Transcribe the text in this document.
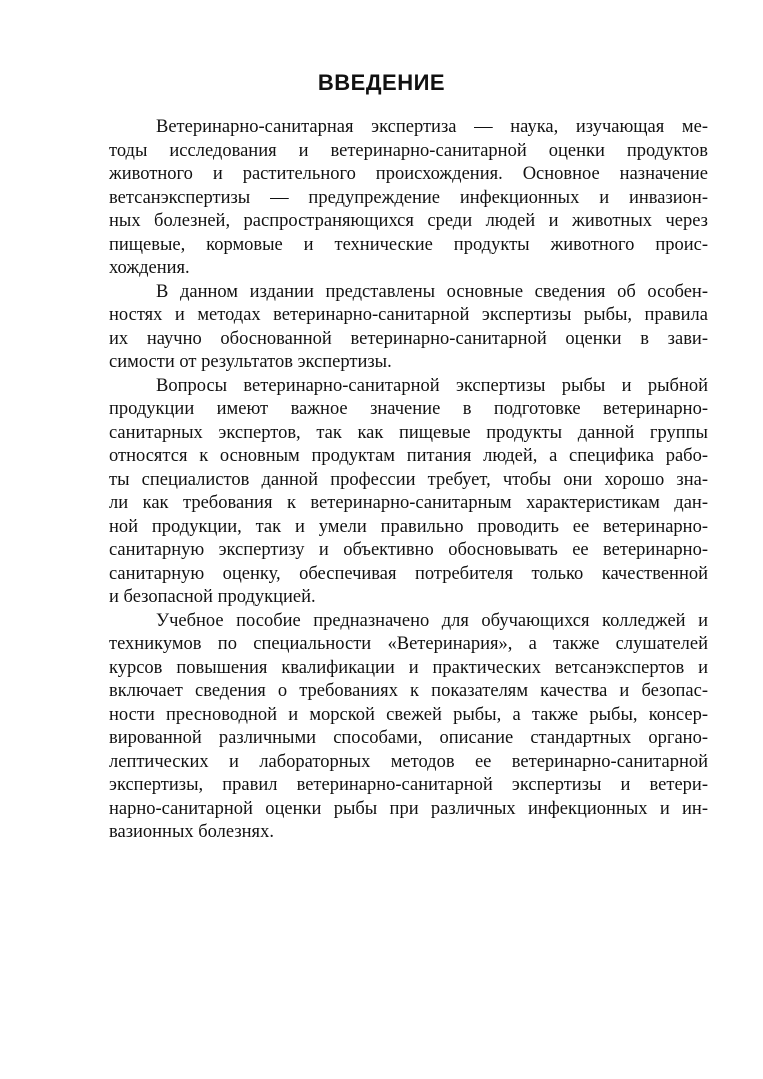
ВВЕДЕНИЕ
Ветеринарно-санитарная экспертиза — наука, изучающая ме-
тоды исследования и ветеринарно-санитарной оценки продуктов
животного и растительного происхождения. Основное назначение
ветсанэкспертизы — предупреждение инфекционных и инвазион-
ных болезней, распространяющихся среди людей и животных через
пищевые, кормовые и технические продукты животного проис-
хождения.
В данном издании представлены основные сведения об особен-
ностях и методах ветеринарно-санитарной экспертизы рыбы, правила
их научно обоснованной ветеринарно-санитарной оценки в зави-
симости от результатов экспертизы.
Вопросы ветеринарно-санитарной экспертизы рыбы и рыбной
продукции имеют важное значение в подготовке ветеринарно-
санитарных экспертов, так как пищевые продукты данной группы
относятся к основным продуктам питания людей, а специфика рабо-
ты специалистов данной профессии требует, чтобы они хорошо зна-
ли как требования к ветеринарно-санитарным характеристикам дан-
ной продукции, так и умели правильно проводить ее ветеринарно-
санитарную экспертизу и объективно обосновывать ее ветеринарно-
санитарную оценку, обеспечивая потребителя только качественной
и безопасной продукцией.
Учебное пособие предназначено для обучающихся колледжей и
техникумов по специальности «Ветеринария», а также слушателей
курсов повышения квалификации и практических ветсанэкспертов и
включает сведения о требованиях к показателям качества и безопас-
ности пресноводной и морской свежей рыбы, а также рыбы, консер-
вированной различными способами, описание стандартных органо-
лептических и лабораторных методов ее ветеринарно-санитарной
экспертизы, правил ветеринарно-санитарной экспертизы и ветери-
нарно-санитарной оценки рыбы при различных инфекционных и ин-
вазионных болезнях.
